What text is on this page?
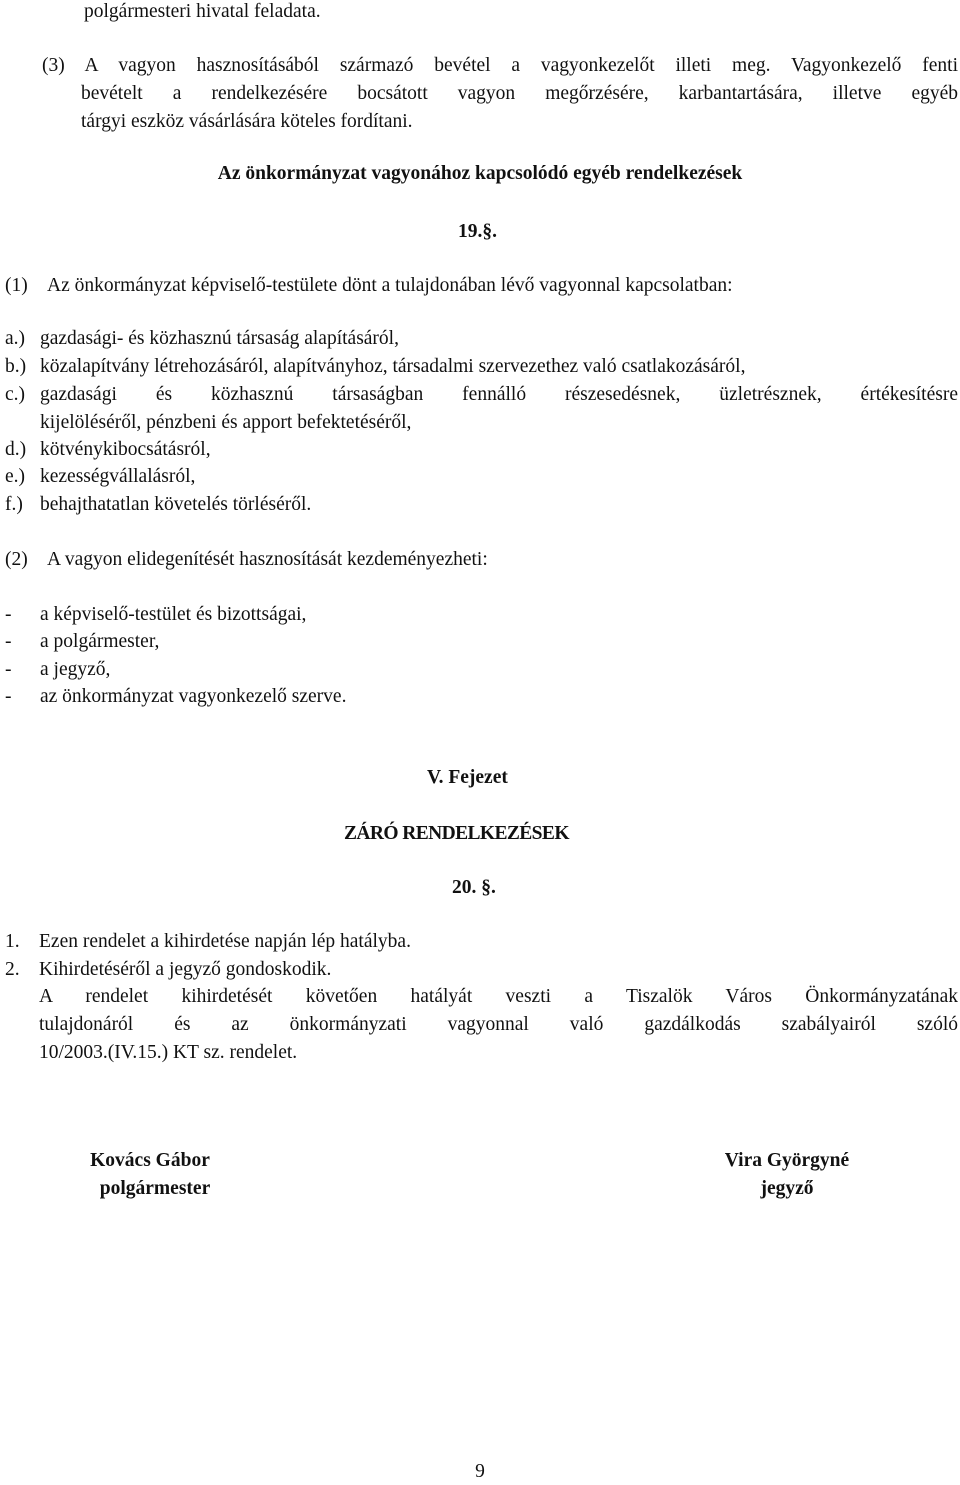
polgármesteri hivatal feladata.
(3) A vagyon hasznosításából származó bevétel a vagyonkezelőt illeti meg. Vagyonkezelő fenti
bevételt a rendelkezésére bocsátott vagyon megőrzésére, karbantartására, illetve egyéb
tárgyi eszköz vásárlására köteles fordítani.
Az önkormányzat vagyonához kapcsolódó egyéb rendelkezések
19.§.
(1) Az önkormányzat képviselő-testülete dönt a tulajdonában lévő vagyonnal kapcsolatban:
a.) gazdasági- és közhasznú társaság alapításáról,
b.) közalapítvány létrehozásáról, alapítványhoz, társadalmi szervezethez való csatlakozásáról,
c.) gazdasági és közhasznú társaságban fennálló részesedésnek, üzletrésznek, értékesítésre
kijelöléséről, pénzbeni és apport befektetéséről,
d.) kötvénykibocsátásról,
e.) kezességvállalásról,
f.) behajthatatlan követelés törléséről.
(2) A vagyon elidegenítését hasznosítását kezdeményezheti:
- a képviselő-testület és bizottságai,
- a polgármester,
- a jegyző,
- az önkormányzat vagyonkezelő szerve.
V. Fejezet
ZÁRÓ RENDELKEZÉSEK
20. §.
1. Ezen rendelet a kihirdetése napján lép hatályba.
2. Kihirdetéséről a jegyző gondoskodik.
A rendelet kihirdetését követően hatályát veszti a Tiszalök Város Önkormányzatának
tulajdonáról és az önkormányzati vagyonnal való gazdálkodás szabályairól szóló
10/2003.(IV.15.) KT sz. rendelet.
Kovács Gábor
polgármester
Vira Györgyné
jegyző
9
